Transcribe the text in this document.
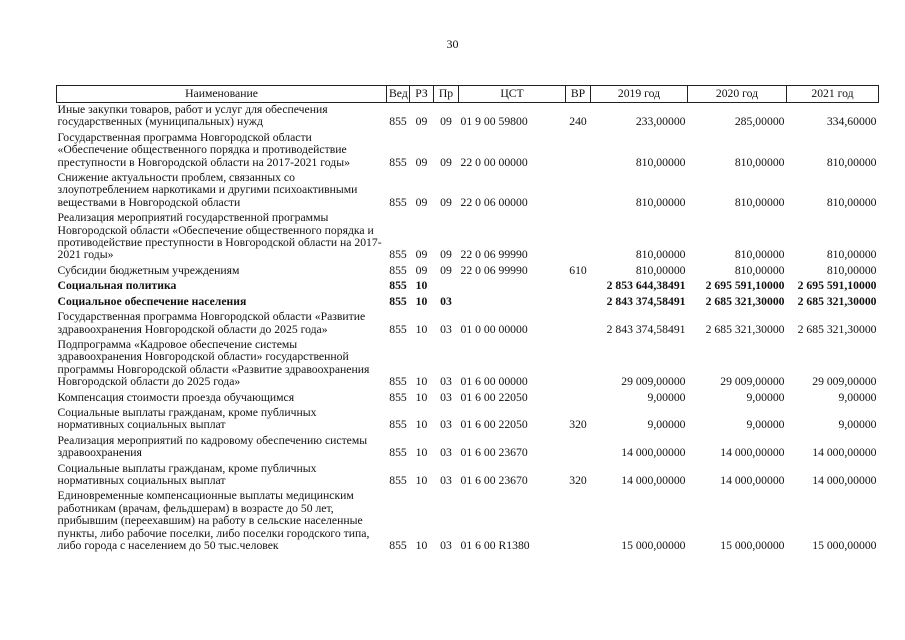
30
Наименование	Вед	РЗ	Пр	ЦСТ	ВР	2019 год	2020 год	2021 год
Иные закупки товаров, работ и услуг для обеспечения государственных (муниципальных) нужд	855	09	09	01 9 00 59800	240	233,00000	285,00000	334,60000
Государственная программа Новгородской области «Обеспечение общественного порядка и противодействие преступности в Новгородской области на 2017-2021 годы»	855	09	09	22 0 00 00000		810,00000	810,00000	810,00000
Снижение актуальности проблем, связанных со злоупотреблением наркотиками и другими психоактивными веществами в Новгородской области	855	09	09	22 0 06 00000		810,00000	810,00000	810,00000
Реализация мероприятий государственной программы Новгородской области «Обеспечение общественного порядка и противодействие преступности в Новгородской области на 2017-2021 годы»	855	09	09	22 0 06 99990		810,00000	810,00000	810,00000
Субсидии бюджетным учреждениям	855	09	09	22 0 06 99990	610	810,00000	810,00000	810,00000
Социальная политика	855	10				2 853 644,38491	2 695 591,10000	2 695 591,10000
Социальное обеспечение населения	855	10	03			2 843 374,58491	2 685 321,30000	2 685 321,30000
Государственная программа Новгородской области «Развитие здравоохранения Новгородской области до 2025 года»	855	10	03	01 0 00 00000		2 843 374,58491	2 685 321,30000	2 685 321,30000
Подпрограмма «Кадровое обеспечение системы здравоохранения Новгородской области» государственной программы Новгородской области «Развитие здравоохранения Новгородской области до 2025 года»	855	10	03	01 6 00 00000		29 009,00000	29 009,00000	29 009,00000
Компенсация стоимости проезда обучающимся	855	10	03	01 6 00 22050		9,00000	9,00000	9,00000
Социальные выплаты гражданам, кроме публичных нормативных социальных выплат	855	10	03	01 6 00 22050	320	9,00000	9,00000	9,00000
Реализация мероприятий по кадровому обеспечению системы здравоохранения	855	10	03	01 6 00 23670		14 000,00000	14 000,00000	14 000,00000
Социальные выплаты гражданам, кроме публичных нормативных социальных выплат	855	10	03	01 6 00 23670	320	14 000,00000	14 000,00000	14 000,00000
Единовременные компенсационные выплаты медицинским работникам (врачам, фельдшерам) в возрасте до 50 лет, прибывшим (переехавшим) на работу в сельские населенные пункты, либо рабочие поселки, либо поселки городского типа, либо города с населением до 50 тыс.человек	855	10	03	01 6 00 R1380		15 000,00000	15 000,00000	15 000,00000
